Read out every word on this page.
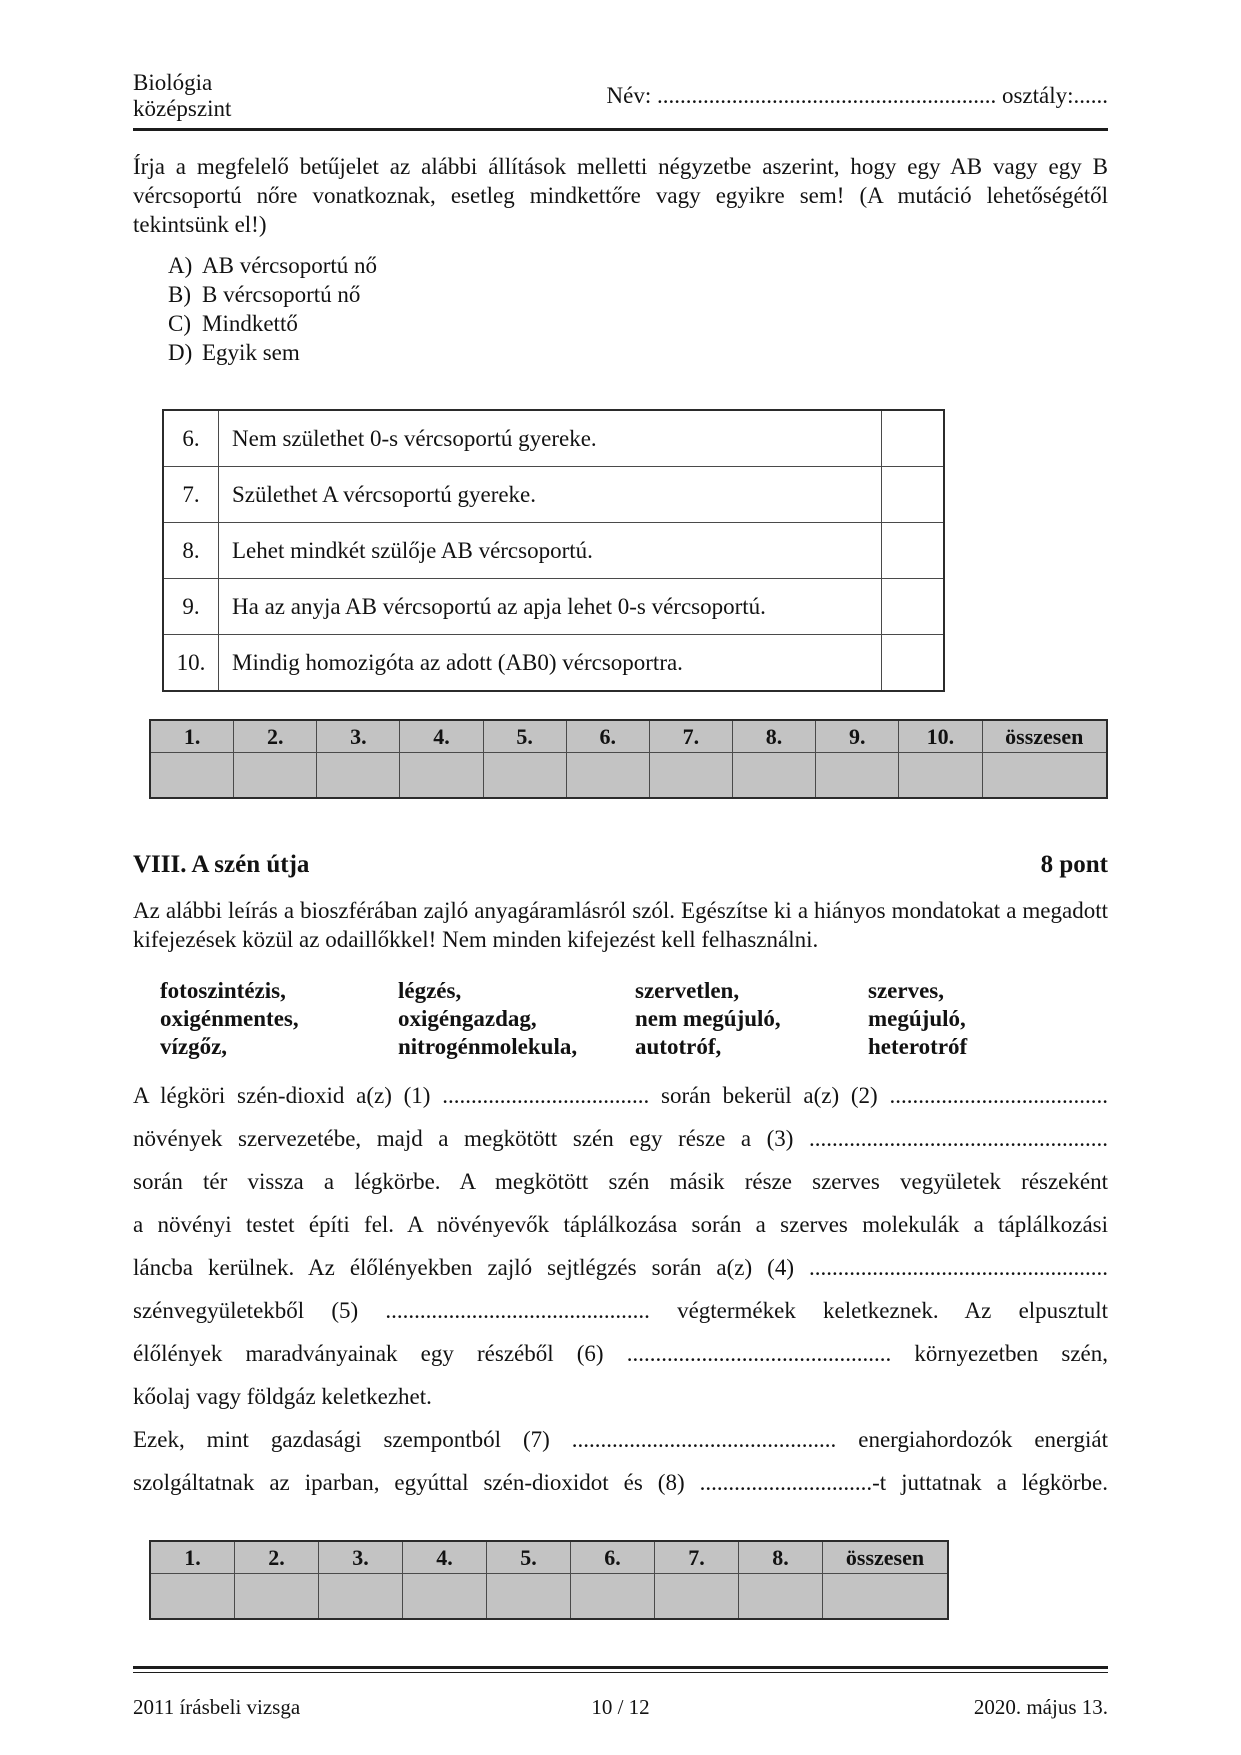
Biológia
középszint
Név: ........................................................... osztály:......

Írja a megfelelő betűjelet az alábbi állítások melletti négyzetbe aszerint, hogy egy AB vagy egy B vércsoportú nőre vonatkoznak, esetleg mindkettőre vagy egyikre sem! (A mutáció lehetőségétől tekintsünk el!)

A) AB vércsoportú nő
B) B vércsoportú nő
C) Mindkettő
D) Egyik sem
6.	Nem születhet 0-s vércsoportú gyereke.	
7.	Születhet A vércsoportú gyereke.	
8.	Lehet mindkét szülője AB vércsoportú.	
9.	Ha az anyja AB vércsoportú az apja lehet 0-s vércsoportú.	
10.	Mindig homozigóta az adott (AB0) vércsoportra.	
1.	2.	3.	4.	5.	6.	7.	8.	9.	10.	összesen

VIII. A szén útja	8 pont

Az alábbi leírás a bioszférában zajló anyagáramlásról szól. Egészítse ki a hiányos mondatokat a megadott kifejezések közül az odaillőkkel! Nem minden kifejezést kell felhasználni.

fotoszintézis,
oxigénmentes,
vízgőz,
légzés,
oxigéngazdag,
nitrogénmolekula,
szervetlen,
nem megújuló,
autotróf,
szerves,
megújuló,
heterotróf
A légköri szén-dioxid a(z) (1) .................................... során bekerül a(z) (2) ......................................
növények szervezetébe, majd a megkötött szén egy része a (3) ....................................................
során tér vissza a légkörbe. A megkötött szén másik része szerves vegyületek részeként
a növényi testet építi fel. A növényevők táplálkozása során a szerves molekulák a táplálkozási
láncba kerülnek. Az élőlényekben zajló sejtlégzés során a(z) (4) ....................................................
szénvegyületekből (5) .............................................. végtermékek keletkeznek. Az elpusztult
élőlények maradványainak egy részéből (6) .............................................. környezetben szén,
kőolaj vagy földgáz keletkezhet.
Ezek, mint gazdasági szempontból (7) .............................................. energiahordozók energiát
szolgáltatnak az iparban, egyúttal szén-dioxidot és (8) ..............................-t juttatnak a légkörbe.
1.	2.	3.	4.	5.	6.	7.	8.	összesen

2011 írásbeli vizsga	10 / 12	2020. május 13.
